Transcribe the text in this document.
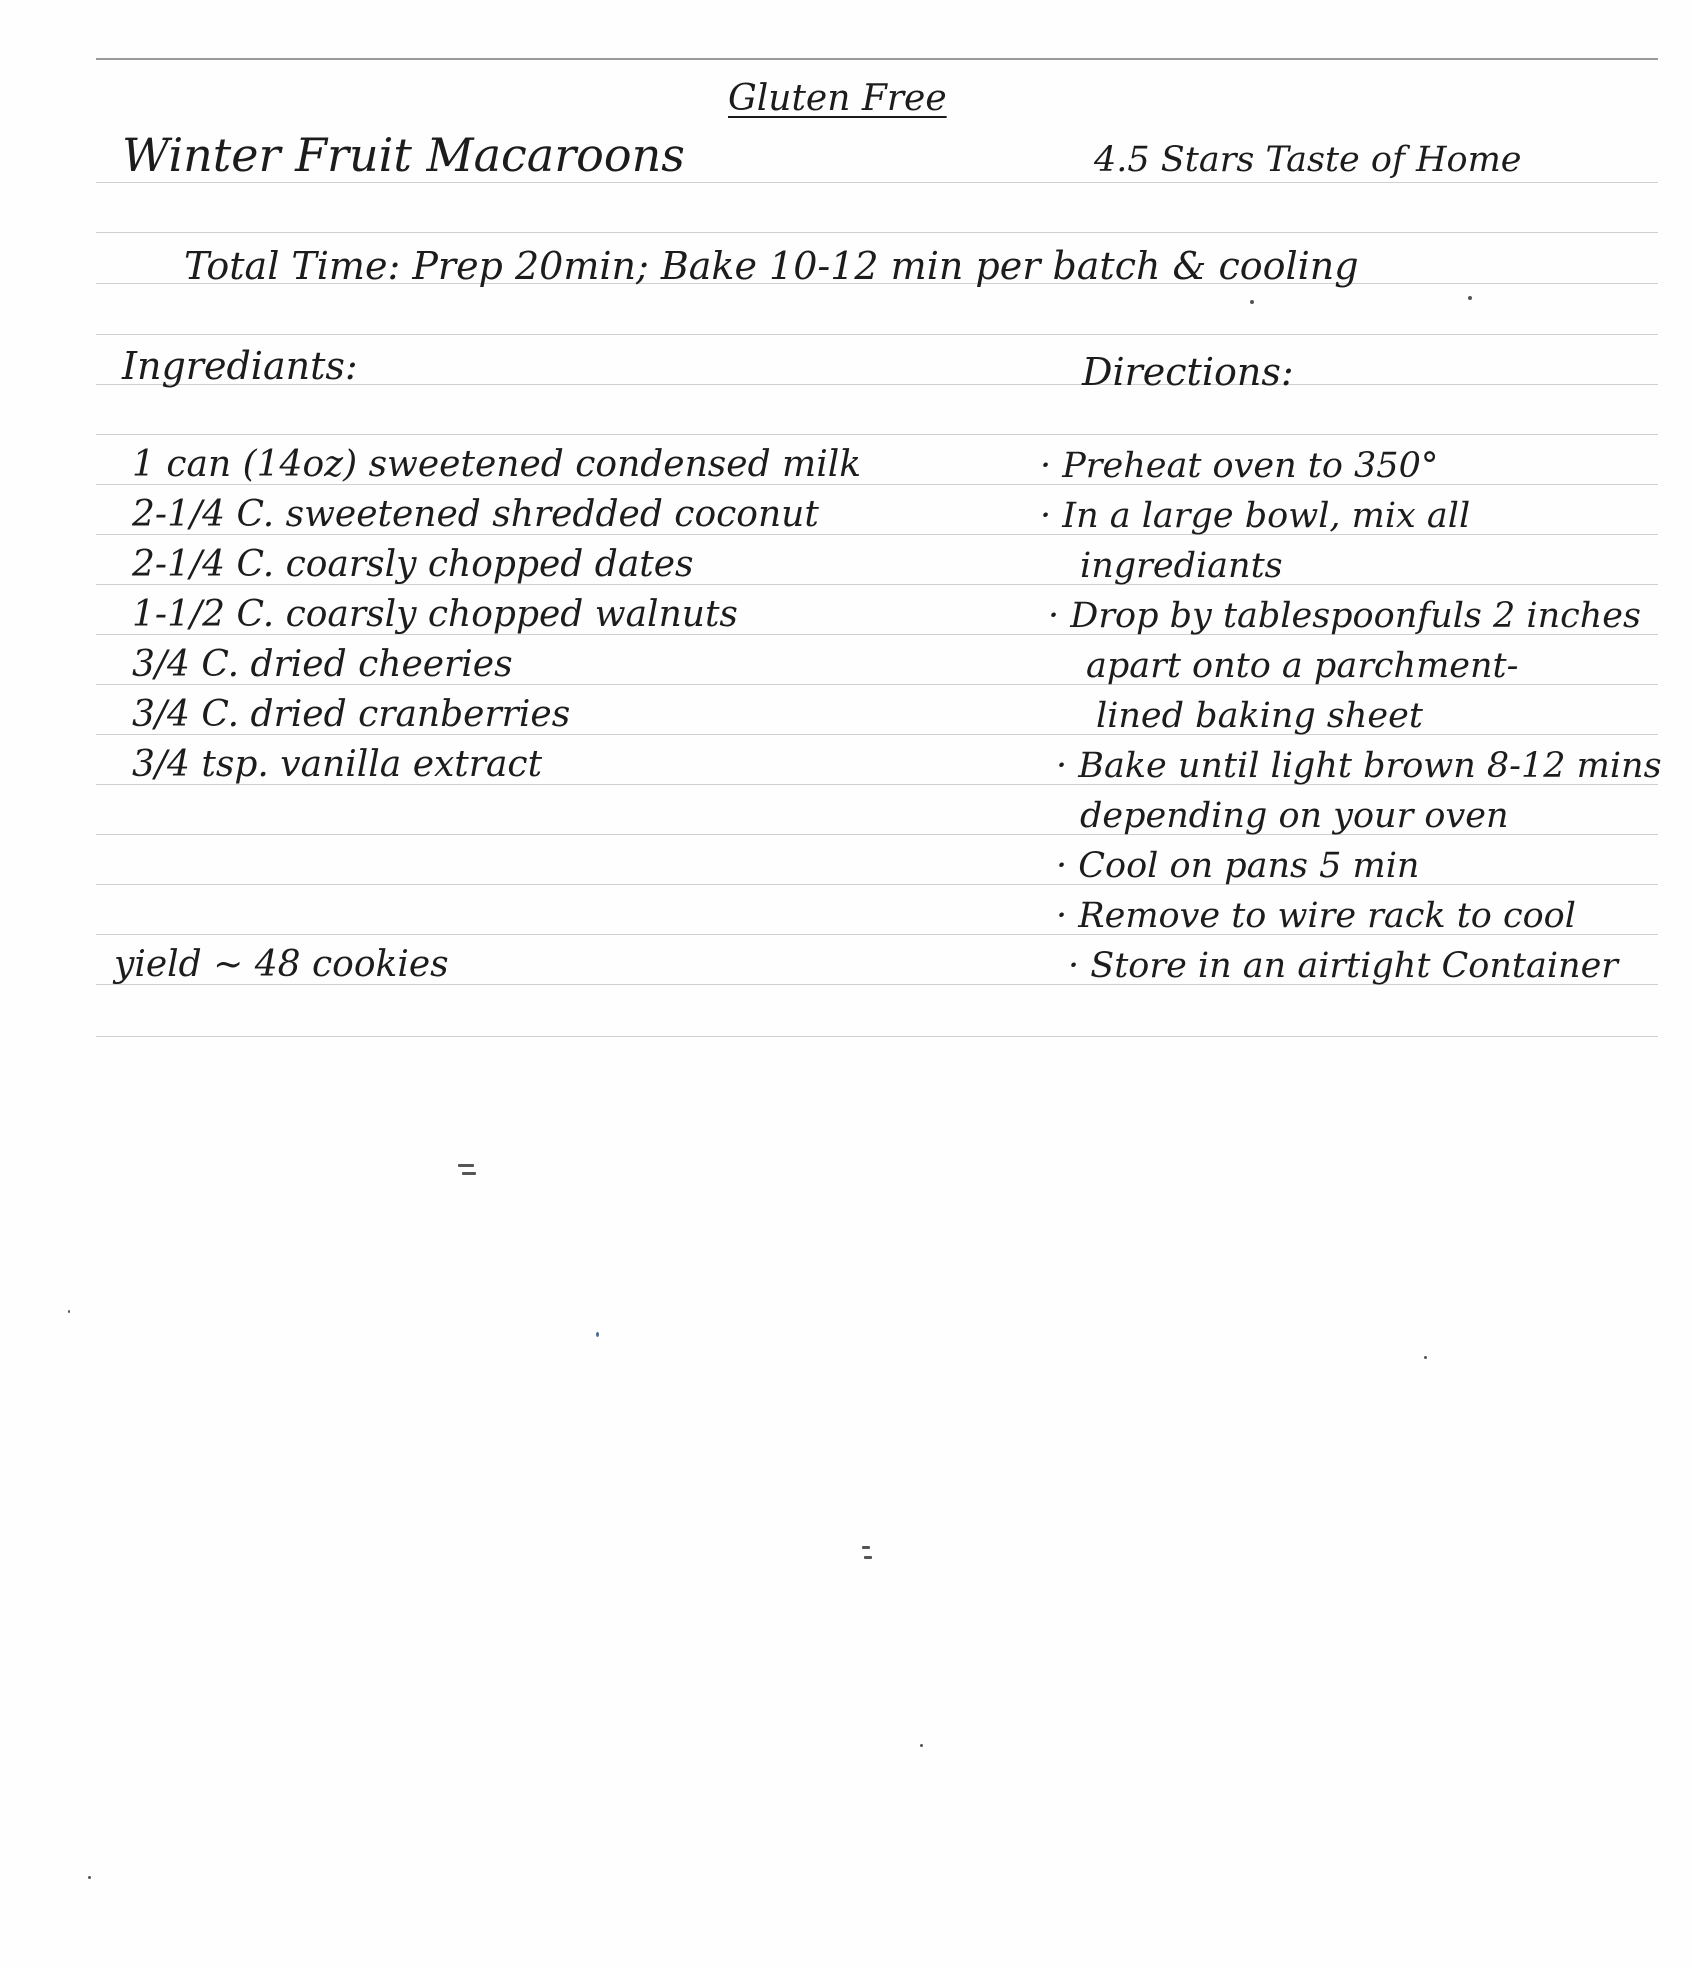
Gluten Free
Winter Fruit Macaroons	4.5 Stars Taste of Home
Total Time: Prep 20min; Bake 10-12 min per batch & cooling
Ingrediants:	Directions:
1 can (14oz) sweetened condensed milk
2-1/4 C. sweetened shredded coconut
2-1/4 C. coarsly chopped dates
1-1/2 C. coarsly chopped walnuts
3/4 C. dried cheeries
3/4 C. dried cranberries
3/4 tsp. vanilla extract
· Preheat oven to 350°
· In a large bowl, mix all
ingrediants
· Drop by tablespoonfuls 2 inches
apart onto a parchment-
lined baking sheet
· Bake until light brown 8-12 mins
depending on your oven
· Cool on pans 5 min
· Remove to wire rack to cool
· Store in an airtight Container
yield ~ 48 cookies
